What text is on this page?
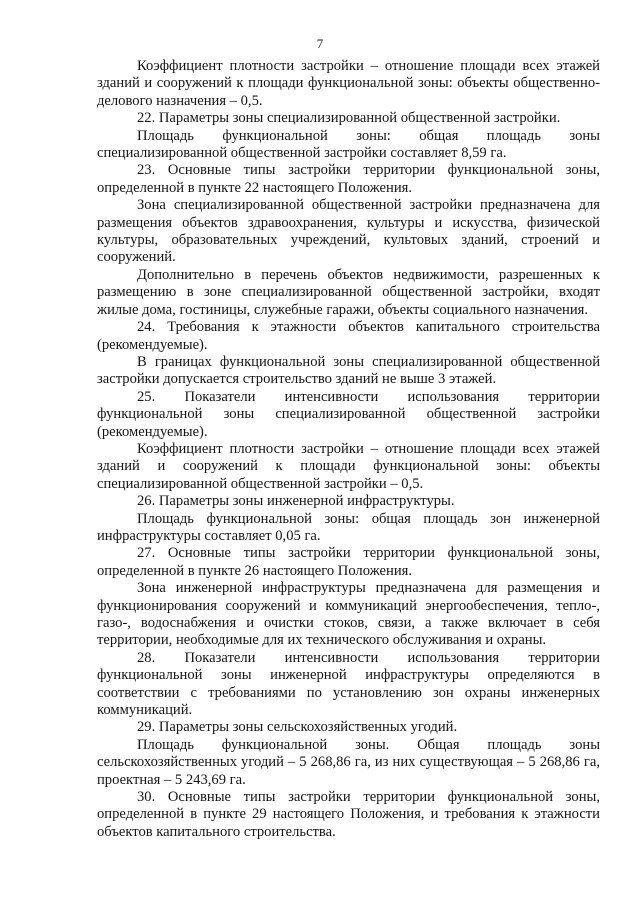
7

Коэффициент плотности застройки – отношение площади всех этажей зданий и сооружений к площади функциональной зоны: объекты общественно-делового назначения – 0,5.

22. Параметры зоны специализированной общественной застройки.

Площадь функциональной зоны: общая площадь зоны специализированной общественной застройки составляет 8,59 га.

23. Основные типы застройки территории функциональной зоны, определенной в пункте 22 настоящего Положения.

Зона специализированной общественной застройки предназначена для размещения объектов здравоохранения, культуры и искусства, физической культуры, образовательных учреждений, культовых зданий, строений и сооружений.

Дополнительно в перечень объектов недвижимости, разрешенных к размещению в зоне специализированной общественной застройки, входят жилые дома, гостиницы, служебные гаражи, объекты социального назначения.

24. Требования к этажности объектов капитального строительства (рекомендуемые).

В границах функциональной зоны специализированной общественной застройки допускается строительство зданий не выше 3 этажей.

25. Показатели интенсивности использования территории функциональной зоны специализированной общественной застройки (рекомендуемые).

Коэффициент плотности застройки – отношение площади всех этажей зданий и сооружений к площади функциональной зоны: объекты специализированной общественной застройки – 0,5.

26. Параметры зоны инженерной инфраструктуры.

Площадь функциональной зоны: общая площадь зон инженерной инфраструктуры составляет 0,05 га.

27. Основные типы застройки территории функциональной зоны, определенной в пункте 26 настоящего Положения.

Зона инженерной инфраструктуры предназначена для размещения и функционирования сооружений и коммуникаций энергообеспечения, тепло-, газо-, водоснабжения и очистки стоков, связи, а также включает в себя территории, необходимые для их технического обслуживания и охраны.

28. Показатели интенсивности использования территории функциональной зоны инженерной инфраструктуры определяются в соответствии с требованиями по установлению зон охраны инженерных коммуникаций.

29. Параметры зоны сельскохозяйственных угодий.

Площадь функциональной зоны. Общая площадь зоны сельскохозяйственных угодий – 5 268,86 га, из них существующая – 5 268,86 га, проектная – 5 243,69 га.

30. Основные типы застройки территории функциональной зоны, определенной в пункте 29 настоящего Положения, и требования к этажности объектов капитального строительства.
